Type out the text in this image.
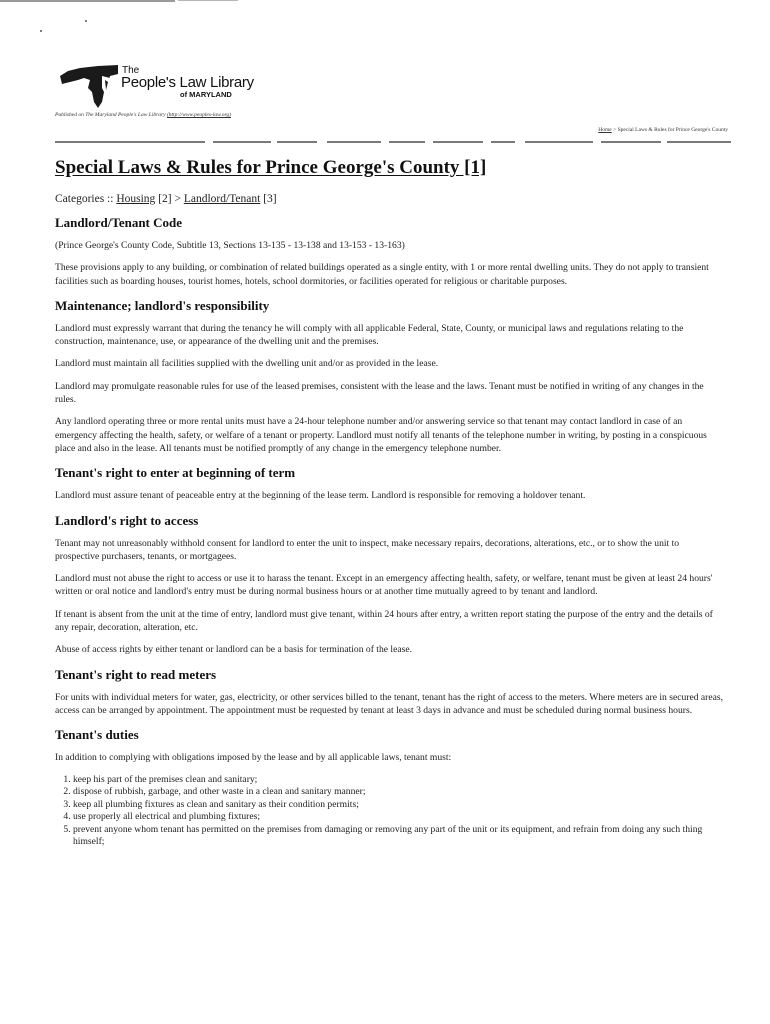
The
People's Law Library
of MARYLAND
Published on The Maryland People's Law Library (http://www.peoples-law.org)
Home > Special Laws & Rules for Prince George's County
Special Laws & Rules for Prince George's County [1]
Categories :: Housing [2] > Landlord/Tenant [3]
Landlord/Tenant Code

(Prince George's County Code, Subtitle 13, Sections 13-135 - 13-138 and 13-153 - 13-163)

These provisions apply to any building, or combination of related buildings operated as a single entity, with 1 or more rental dwelling units. They do not apply to transient facilities such as boarding houses, tourist homes, hotels, school dormitories, or facilities operated for religious or charitable purposes.

Maintenance; landlord's responsibility

Landlord must expressly warrant that during the tenancy he will comply with all applicable Federal, State, County, or municipal laws and regulations relating to the construction, maintenance, use, or appearance of the dwelling unit and the premises.

Landlord must maintain all facilities supplied with the dwelling unit and/or as provided in the lease.

Landlord may promulgate reasonable rules for use of the leased premises, consistent with the lease and the laws. Tenant must be notified in writing of any changes in the rules.

Any landlord operating three or more rental units must have a 24-hour telephone number and/or answering service so that tenant may contact landlord in case of an emergency affecting the health, safety, or welfare of a tenant or property. Landlord must notify all tenants of the telephone number in writing, by posting in a conspicuous place and also in the lease. All tenants must be notified promptly of any change in the emergency telephone number.

Tenant's right to enter at beginning of term

Landlord must assure tenant of peaceable entry at the beginning of the lease term. Landlord is responsible for removing a holdover tenant.

Landlord's right to access

Tenant may not unreasonably withhold consent for landlord to enter the unit to inspect, make necessary repairs, decorations, alterations, etc., or to show the unit to prospective purchasers, tenants, or mortgagees.

Landlord must not abuse the right to access or use it to harass the tenant. Except in an emergency affecting health, safety, or welfare, tenant must be given at least 24 hours' written or oral notice and landlord's entry must be during normal business hours or at another time mutually agreed to by tenant and landlord.

If tenant is absent from the unit at the time of entry, landlord must give tenant, within 24 hours after entry, a written report stating the purpose of the entry and the details of any repair, decoration, alteration, etc.

Abuse of access rights by either tenant or landlord can be a basis for termination of the lease.

Tenant's right to read meters

For units with individual meters for water, gas, electricity, or other services billed to the tenant, tenant has the right of access to the meters. Where meters are in secured areas, access can be arranged by appointment. The appointment must be requested by tenant at least 3 days in advance and must be scheduled during normal business hours.

Tenant's duties

In addition to complying with obligations imposed by the lease and by all applicable laws, tenant must:

1. keep his part of the premises clean and sanitary;
2. dispose of rubbish, garbage, and other waste in a clean and sanitary manner;
3. keep all plumbing fixtures as clean and sanitary as their condition permits;
4. use properly all electrical and plumbing fixtures;
5. prevent anyone whom tenant has permitted on the premises from damaging or removing any part of the unit or its equipment, and refrain from doing any such thing himself;
